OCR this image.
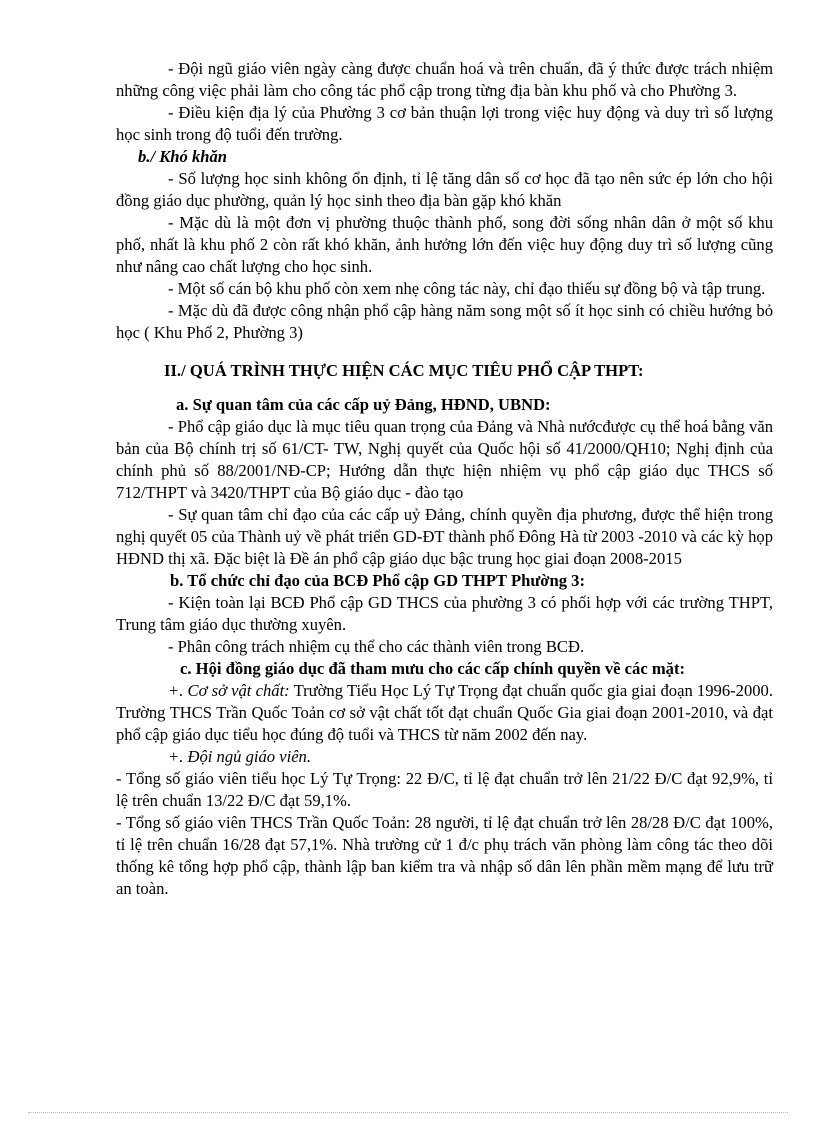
- Đội ngũ giáo viên ngày càng được chuẩn hoá và trên chuẩn, đã ý thức được trách nhiệm những công việc phải làm cho công tác phổ cập trong từng địa bàn khu phố và cho Phường 3.

- Điều kiện địa lý của Phường 3 cơ bản thuận lợi trong việc huy động và duy trì số lượng học sinh trong độ tuổi đến trường.

b./ Khó khăn

- Số lượng học sinh không ổn định, tỉ lệ tăng dân số cơ học đã tạo nên sức ép lớn cho hội đồng giáo dục phường, quản lý học sinh theo địa bàn gặp khó khăn

- Mặc dù là một đơn vị phường thuộc thành phố, song đời sống nhân dân ở một số khu phố, nhất là khu phố 2 còn rất khó khăn, ảnh hưởng lớn đến việc huy động duy trì số lượng cũng như nâng cao chất lượng cho học sinh.

- Một số cán bộ khu phố còn xem nhẹ công tác này, chỉ đạo thiếu sự đồng bộ và tập trung.

- Mặc dù đã được công nhận phổ cập hàng năm song một số ít học sinh có chiều hướng bỏ học ( Khu Phố 2, Phường 3)

II./ QUÁ TRÌNH THỰC HIỆN CÁC MỤC TIÊU PHỔ CẬP THPT:

a. Sự quan tâm của các cấp uỷ Đảng, HĐND, UBND:

- Phổ cập giáo dục là mục tiêu quan trọng của Đảng và Nhà nướcđược cụ thể hoá bằng văn bản của Bộ chính trị số 61/CT- TW, Nghị quyết của Quốc hội số 41/2000/QH10; Nghị định của chính phủ số 88/2001/NĐ-CP; Hướng dẫn thực hiện nhiệm vụ phổ cập giáo dục THCS số 712/THPT và 3420/THPT của Bộ giáo dục - đào tạo

- Sự quan tâm chỉ đạo của các cấp uỷ Đảng, chính quyền địa phương, được thể hiện trong nghị quyết 05 của Thành uỷ về phát triển GD-ĐT thành phố Đông Hà từ 2003 -2010 và các kỳ họp HĐND thị xã. Đặc biệt là Đề án phổ cập giáo dục bậc trung học giai đoạn 2008-2015

b. Tổ chức chỉ đạo của BCĐ Phổ cập GD THPT Phường 3:

- Kiện toàn lại BCĐ Phổ cập GD THCS của phường 3 có phối hợp với các trường THPT, Trung tâm giáo dục thường xuyên.

- Phân công trách nhiệm cụ thể cho các thành viên trong BCĐ.

c. Hội đồng giáo dục đã tham mưu cho các cấp chính quyền về các mặt:

+. Cơ sở vật chất: Trường Tiểu Học Lý Tự Trọng đạt chuẩn quốc gia giai đoạn 1996-2000. Trường THCS Trần Quốc Toản cơ sở vật chất tốt đạt chuẩn Quốc Gia giai đoạn 2001-2010, và đạt phổ cập giáo dục tiểu học đúng độ tuổi và THCS từ năm 2002 đến nay.

+. Đội ngủ giáo viên.

- Tổng số giáo viên tiểu học Lý Tự Trọng: 22 Đ/C, tỉ lệ đạt chuẩn trở lên 21/22 Đ/C đạt 92,9%, tỉ lệ trên chuẩn 13/22 Đ/C đạt 59,1%.

- Tổng số giáo viên THCS Trần Quốc Toản: 28 người, tỉ lệ đạt chuẩn trở lên 28/28 Đ/C đạt 100%, tỉ lệ trên chuẩn 16/28 đạt 57,1%. Nhà trường cử 1 đ/c phụ trách văn phòng làm công tác theo dõi thống kê tổng hợp phổ cập, thành lập ban kiểm tra và nhập số dân lên phần mềm mạng để lưu trữ an toàn.
